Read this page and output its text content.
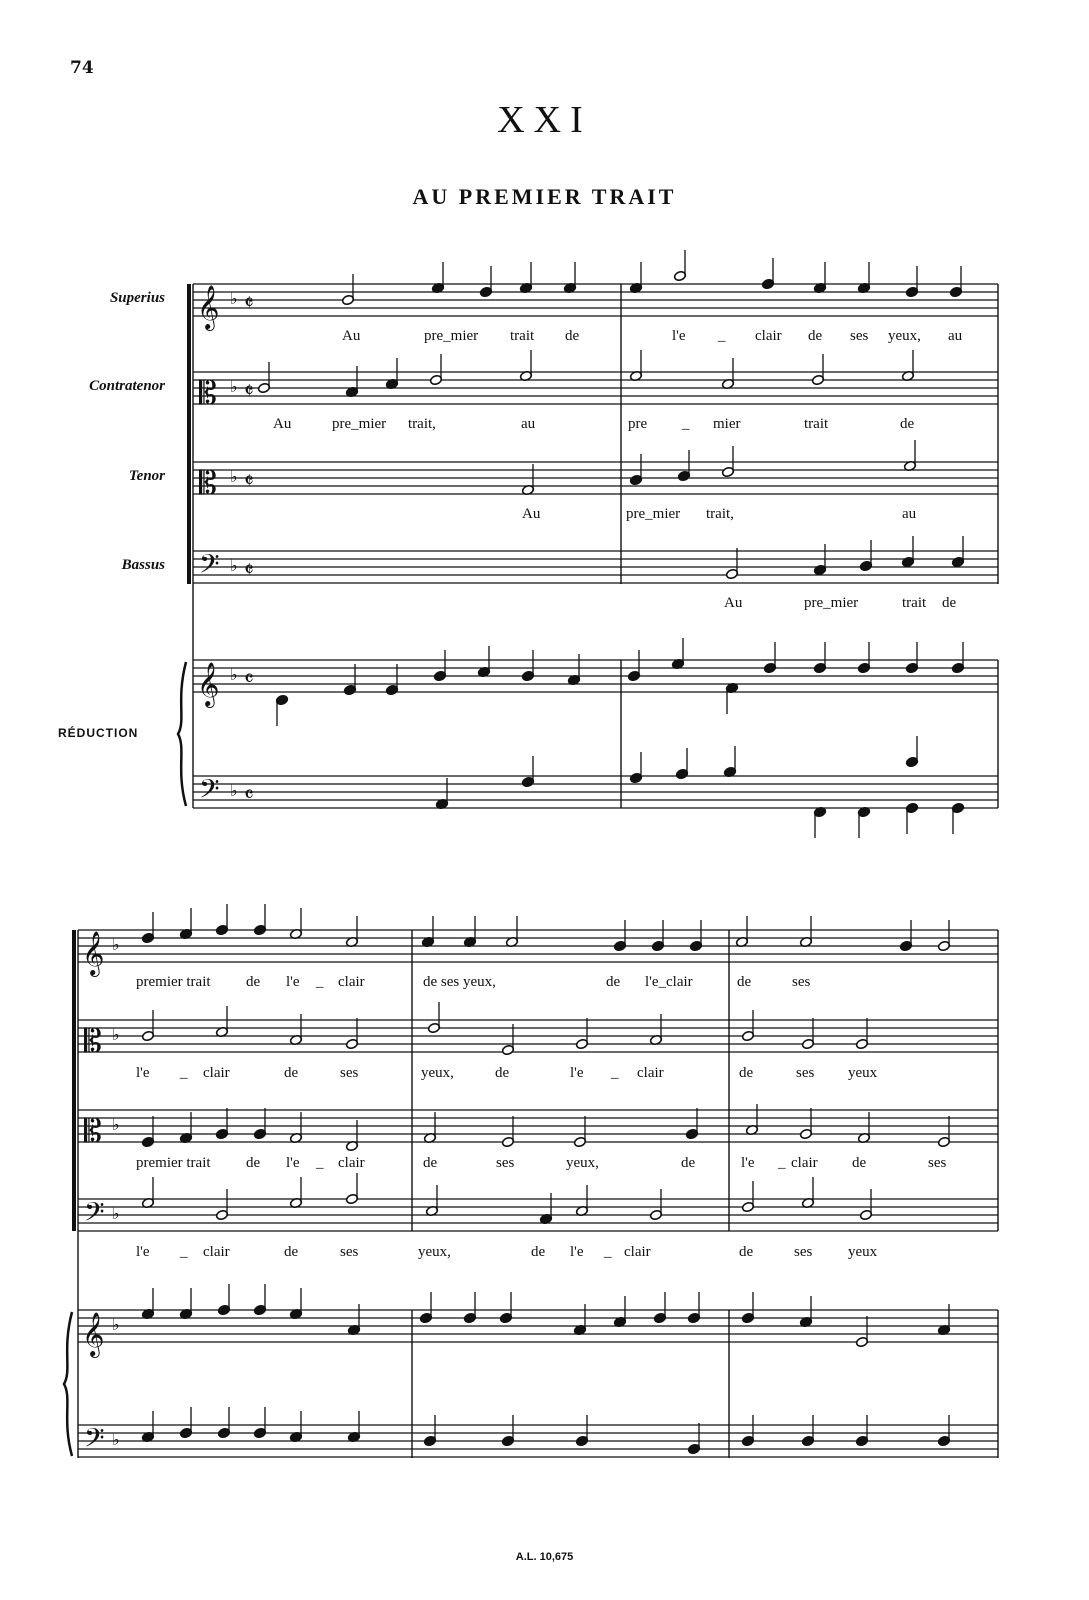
74
XXI
AU PREMIER TRAIT
Superius
Contratenor
Tenor
Bassus
RÉDUCTION
𝄞
𝄡
𝄡
𝄢
𝄞
𝄢
♭
♭
♭
♭
♭
♭
𝄵
𝄵
𝄵
𝄵
𝄴
𝄴
𝄞
𝄡
𝄡
𝄢
𝄞
𝄢
♭
♭
♭
♭
♭
♭
Au	pre_mier trait de	l'e _ clair de ses yeux, au
Au	pre_mier trait,	au	pre _ mier	trait	de
Au	pre_mier trait,	au
Au	pre_mier	trait de
premier trait de l'e _ clair	de ses yeux,	de l'e_clair	de	ses
l'e _ clair	de	ses	yeux,	de	l'e _ clair	de	ses yeux
premier trait de l'e _ clair	de	ses	yeux,	de	l'e _ clair de	ses
l'e _ clair	de	ses	yeux,	de l'e _ clair	de	ses yeux
A.L. 10,675
